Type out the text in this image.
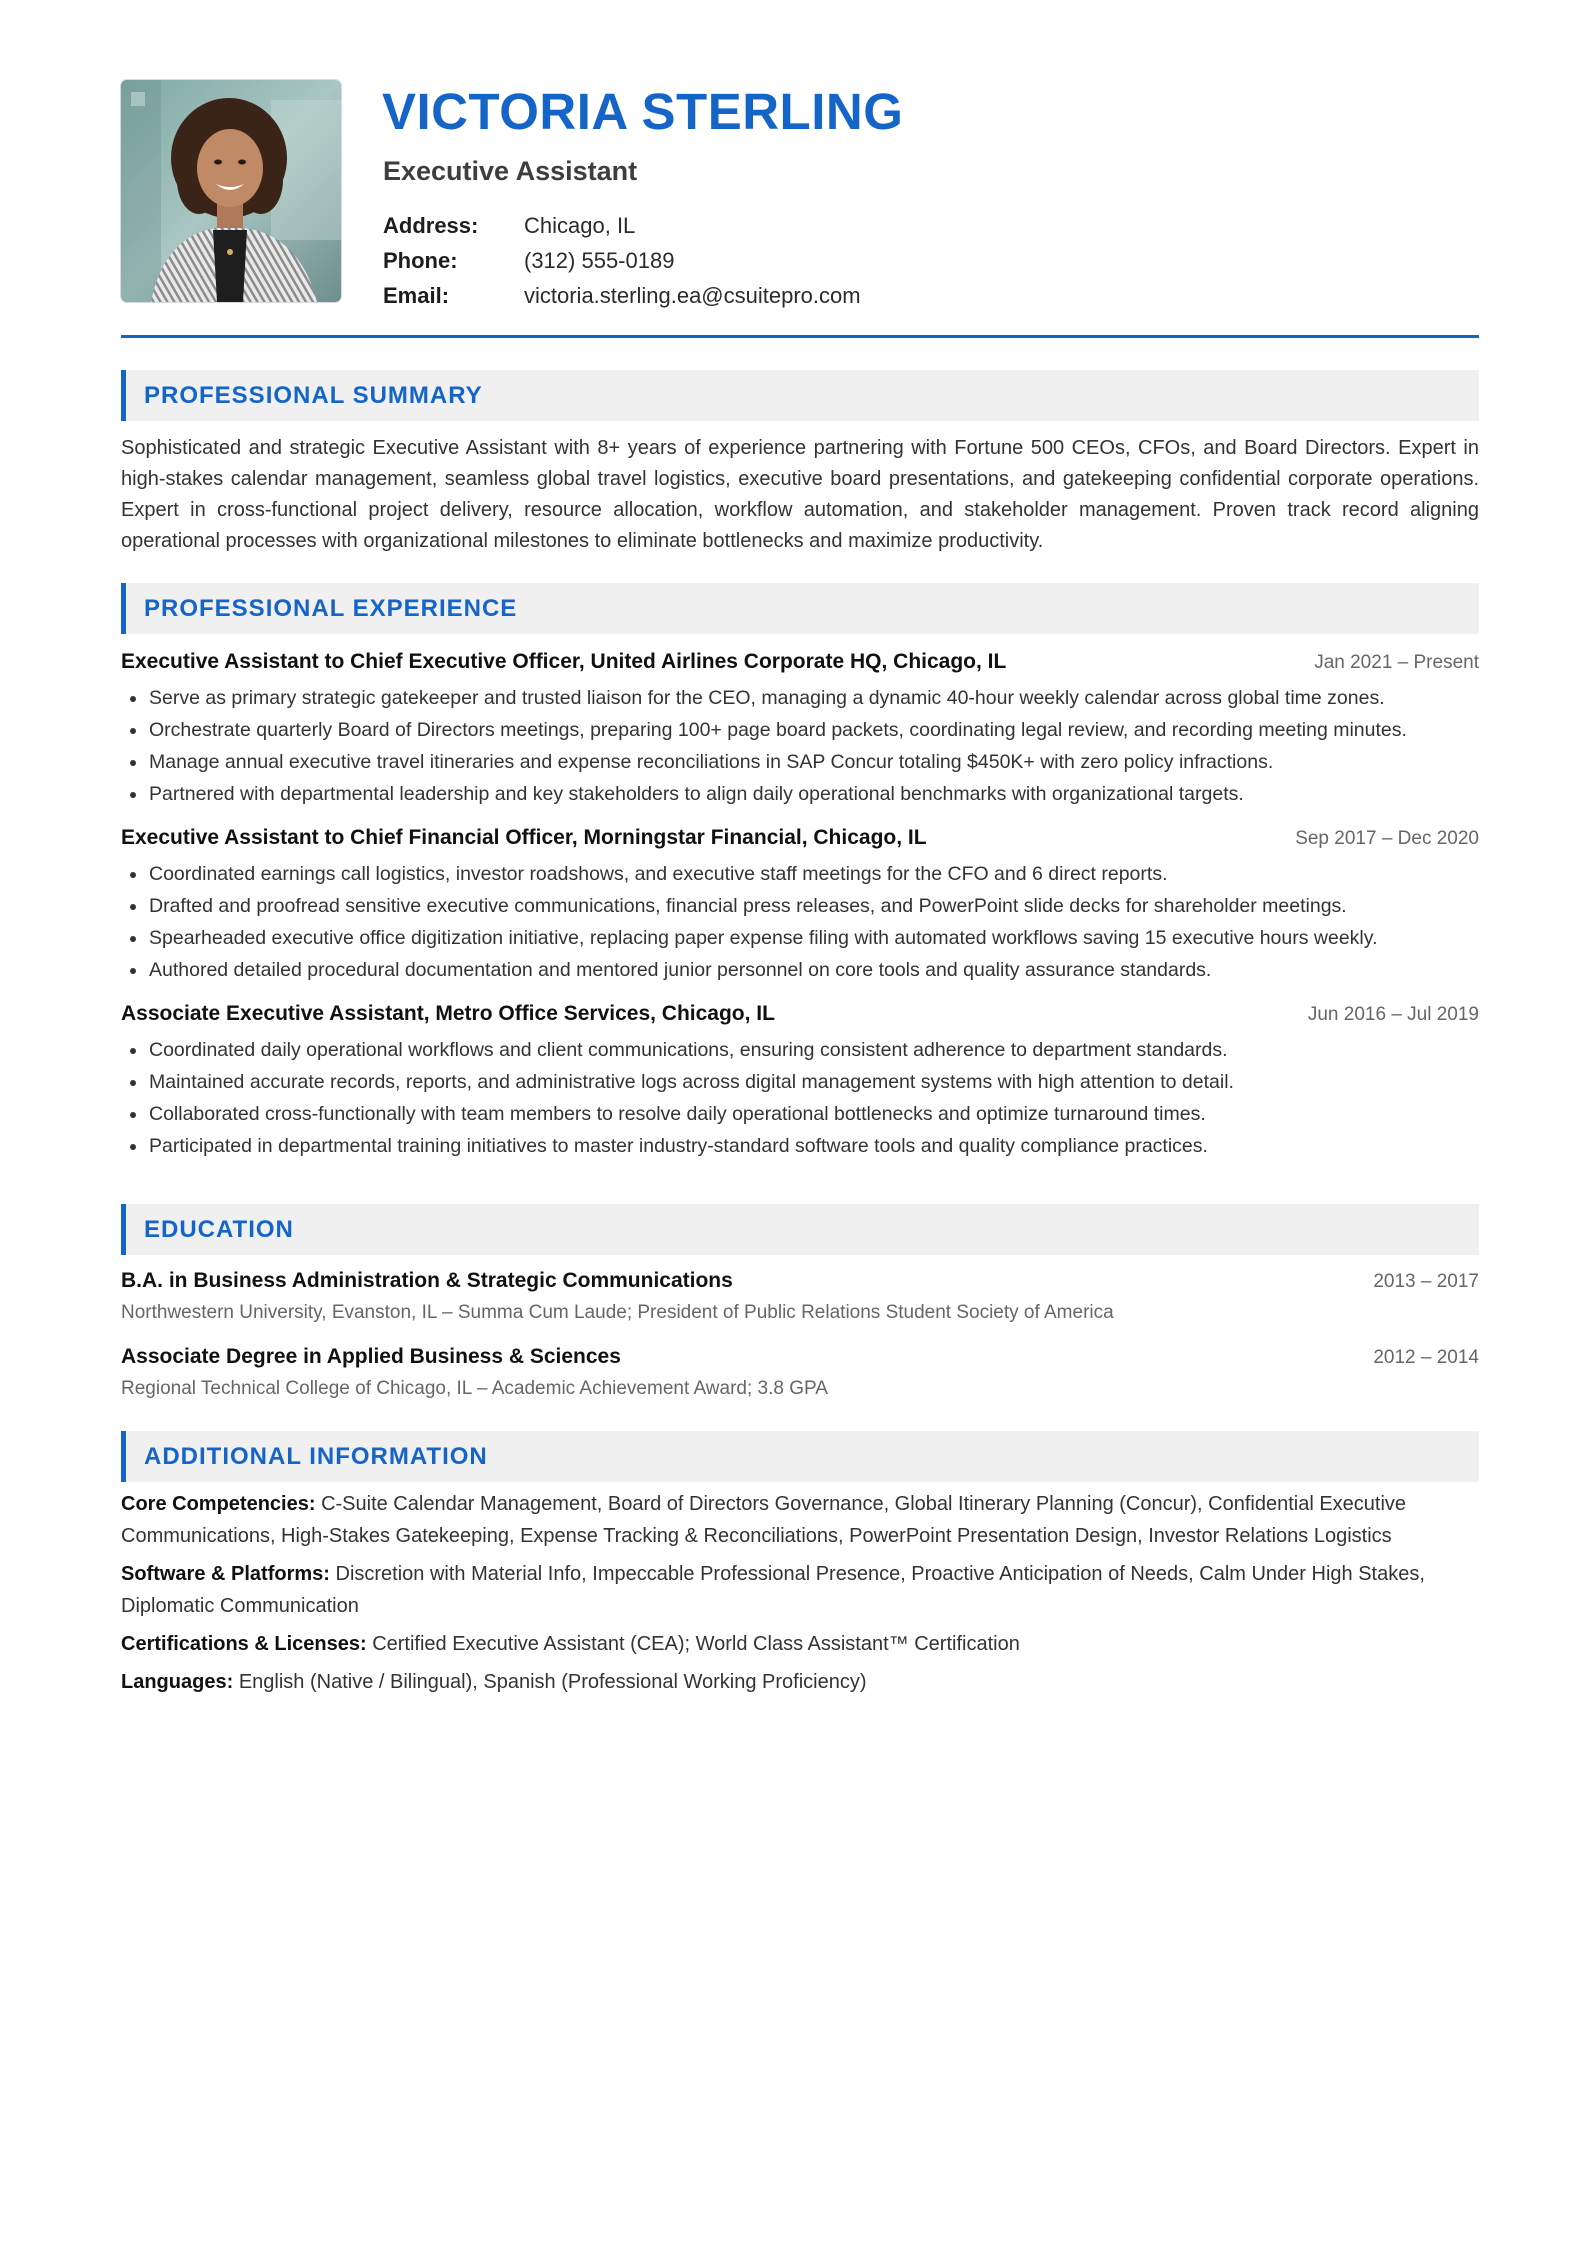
VICTORIA STERLING
Executive Assistant
Address:	Chicago, IL
Phone:	(312) 555-0189
Email:	victoria.sterling.ea@csuitepro.com
PROFESSIONAL SUMMARY
Sophisticated and strategic Executive Assistant with 8+ years of experience partnering with Fortune 500 CEOs, CFOs, and Board Directors. Expert in high-stakes calendar management, seamless global travel logistics, executive board presentations, and gatekeeping confidential corporate operations. Expert in cross-functional project delivery, resource allocation, workflow automation, and stakeholder management. Proven track record aligning operational processes with organizational milestones to eliminate bottlenecks and maximize productivity.
PROFESSIONAL EXPERIENCE
Executive Assistant to Chief Executive Officer, United Airlines Corporate HQ, Chicago, IL	Jan 2021 – Present
Serve as primary strategic gatekeeper and trusted liaison for the CEO, managing a dynamic 40-hour weekly calendar across global time zones.
Orchestrate quarterly Board of Directors meetings, preparing 100+ page board packets, coordinating legal review, and recording meeting minutes.
Manage annual executive travel itineraries and expense reconciliations in SAP Concur totaling $450K+ with zero policy infractions.
Partnered with departmental leadership and key stakeholders to align daily operational benchmarks with organizational targets.
Executive Assistant to Chief Financial Officer, Morningstar Financial, Chicago, IL	Sep 2017 – Dec 2020
Coordinated earnings call logistics, investor roadshows, and executive staff meetings for the CFO and 6 direct reports.
Drafted and proofread sensitive executive communications, financial press releases, and PowerPoint slide decks for shareholder meetings.
Spearheaded executive office digitization initiative, replacing paper expense filing with automated workflows saving 15 executive hours weekly.
Authored detailed procedural documentation and mentored junior personnel on core tools and quality assurance standards.
Associate Executive Assistant, Metro Office Services, Chicago, IL	Jun 2016 – Jul 2019
Coordinated daily operational workflows and client communications, ensuring consistent adherence to department standards.
Maintained accurate records, reports, and administrative logs across digital management systems with high attention to detail.
Collaborated cross-functionally with team members to resolve daily operational bottlenecks and optimize turnaround times.
Participated in departmental training initiatives to master industry-standard software tools and quality compliance practices.
EDUCATION
B.A. in Business Administration & Strategic Communications	2013 – 2017
Northwestern University, Evanston, IL – Summa Cum Laude; President of Public Relations Student Society of America
Associate Degree in Applied Business & Sciences	2012 – 2014
Regional Technical College of Chicago, IL – Academic Achievement Award; 3.8 GPA
ADDITIONAL INFORMATION
Core Competencies: C-Suite Calendar Management, Board of Directors Governance, Global Itinerary Planning (Concur), Confidential Executive Communications, High-Stakes Gatekeeping, Expense Tracking & Reconciliations, PowerPoint Presentation Design, Investor Relations Logistics
Software & Platforms: Discretion with Material Info, Impeccable Professional Presence, Proactive Anticipation of Needs, Calm Under High Stakes, Diplomatic Communication
Certifications & Licenses: Certified Executive Assistant (CEA); World Class Assistant™ Certification
Languages: English (Native / Bilingual), Spanish (Professional Working Proficiency)
